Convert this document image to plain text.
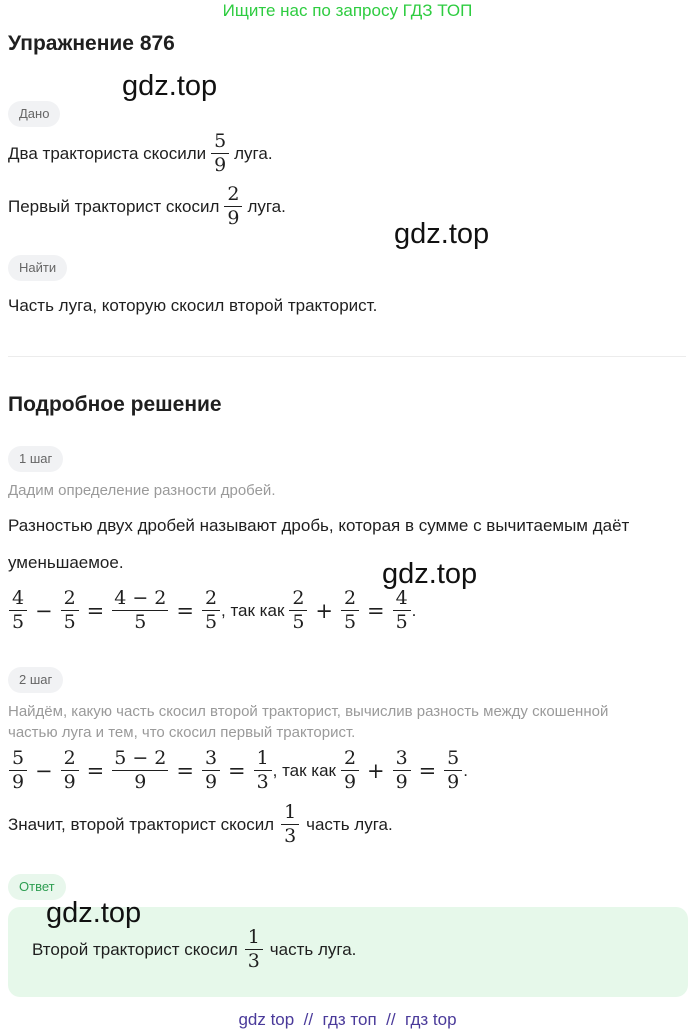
Ищите нас по запросу ГДЗ ТОП
Упражнение 876
gdz.top
Дано
Два тракториста скосили $\frac{5}{9}$ луга.
Первый тракторист скосил $\frac{2}{9}$ луга.
gdz.top
Найти
Часть луга, которую скосил второй тракторист.
Подробное решение
1 шаг
Дадим определение разности дробей.
Разностью двух дробей называют дробь, которая в сумме с вычитаемым даёт
уменьшаемое.	gdz.top
$\frac{4}{5} - \frac{2}{5} = \frac{4 - 2}{5} = \frac{2}{5}$ , так как $\frac{2}{5} + \frac{2}{5} = \frac{4}{5}$ .
2 шаг
Найдём, какую часть скосил второй тракторист, вычислив разность между скошенной
частью луга и тем, что скосил первый тракторист.
$\frac{5}{9} - \frac{2}{9} = \frac{5 - 2}{9} = \frac{3}{9} = \frac{1}{3}$ , так как $\frac{2}{9} + \frac{3}{9} = \frac{5}{9}$ .
Значит, второй тракторист скосил $\frac{1}{3}$ часть луга.
Ответ
gdz.top
Второй тракторист скосил $\frac{1}{3}$ часть луга.
gdz top  //  гдз топ  //  гдз top
